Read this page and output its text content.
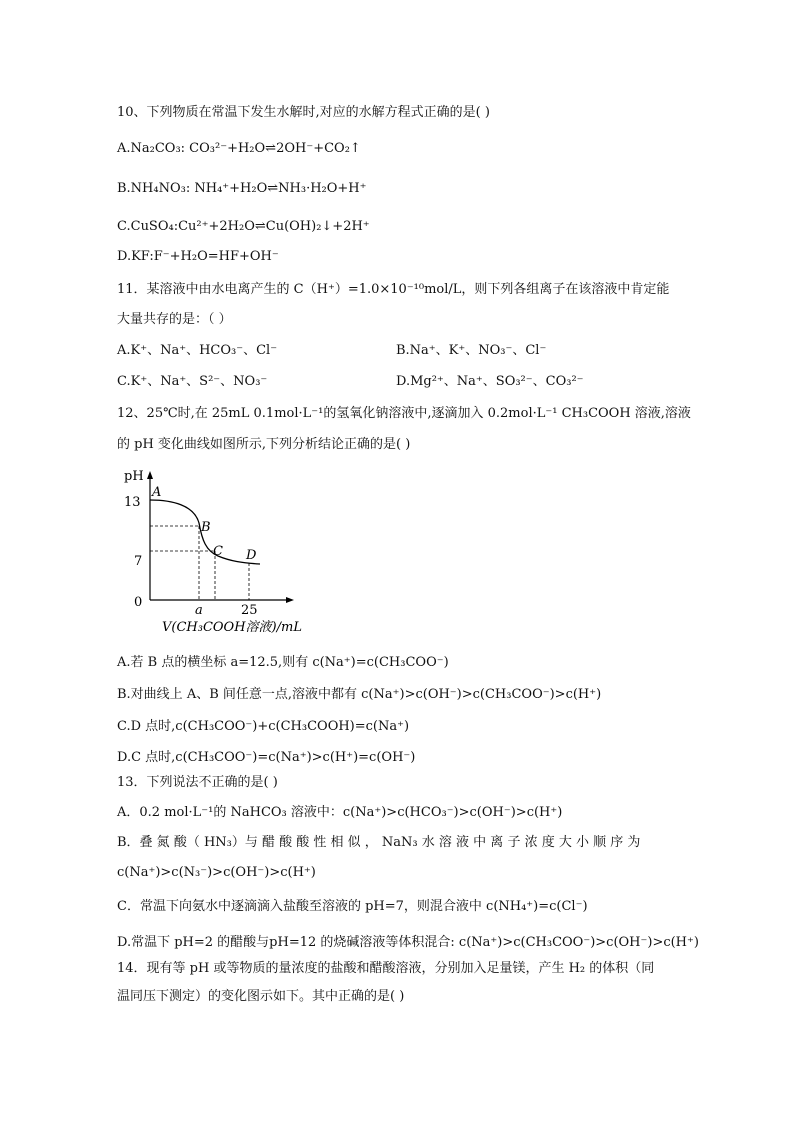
10、下列物质在常温下发生水解时,对应的水解方程式正确的是( )
A.Na₂CO₃: CO₃²⁻+H₂O⇌2OH⁻+CO₂↑
B.NH₄NO₃: NH₄⁺+H₂O⇌NH₃·H₂O+H⁺
C.CuSO₄:Cu²⁺+2H₂O⇌Cu(OH)₂↓+2H⁺
D.KF:F⁻+H₂O=HF+OH⁻
11．某溶液中由水电离产生的 C（H⁺）=1.0×10⁻¹⁰mol/L，则下列各组离子在该溶液中肯定能
大量共存的是：（ ）
A.K⁺、Na⁺、HCO₃⁻、Cl⁻	B.Na⁺、K⁺、NO₃⁻、Cl⁻
C.K⁺、Na⁺、S²⁻、NO₃⁻	D.Mg²⁺、Na⁺、SO₃²⁻、CO₃²⁻
12、25℃时,在 25mL 0.1mol·L⁻¹的氢氧化钠溶液中,逐滴加入 0.2mol·L⁻¹ CH₃COOH 溶液,溶液
的 pH 变化曲线如图所示,下列分析结论正确的是( )
pH
13
7
0
a	25
A
B
C D
V(CH₃COOH溶液)/mL
A.若 B 点的横坐标 a=12.5,则有 c(Na⁺)=c(CH₃COO⁻)
B.对曲线上 A、B 间任意一点,溶液中都有 c(Na⁺)>c(OH⁻)>c(CH₃COO⁻)>c(H⁺)
C.D 点时,c(CH₃COO⁻)+c(CH₃COOH)=c(Na⁺)
D.C 点时,c(CH₃COO⁻)=c(Na⁺)>c(H⁺)=c(OH⁻)
13．下列说法不正确的是( )
A．0.2 mol·L⁻¹的 NaHCO₃ 溶液中：c(Na⁺)>c(HCO₃⁻)>c(OH⁻)>c(H⁺)
B．叠 氮 酸（ HN₃）与 醋 酸 酸 性 相 似 ， NaN₃ 水 溶 液 中 离 子 浓 度 大 小 顺 序 为
c(Na⁺)>c(N₃⁻)>c(OH⁻)>c(H⁺)
C．常温下向氨水中逐滴滴入盐酸至溶液的 pH=7，则混合液中 c(NH₄⁺)=c(Cl⁻)
D.常温下 pH=2 的醋酸与pH=12 的烧碱溶液等体积混合: c(Na⁺)>c(CH₃COO⁻)>c(OH⁻)>c(H⁺)
14．现有等 pH 或等物质的量浓度的盐酸和醋酸溶液，分别加入足量镁，产生 H₂ 的体积（同
温同压下测定）的变化图示如下。其中正确的是( )
